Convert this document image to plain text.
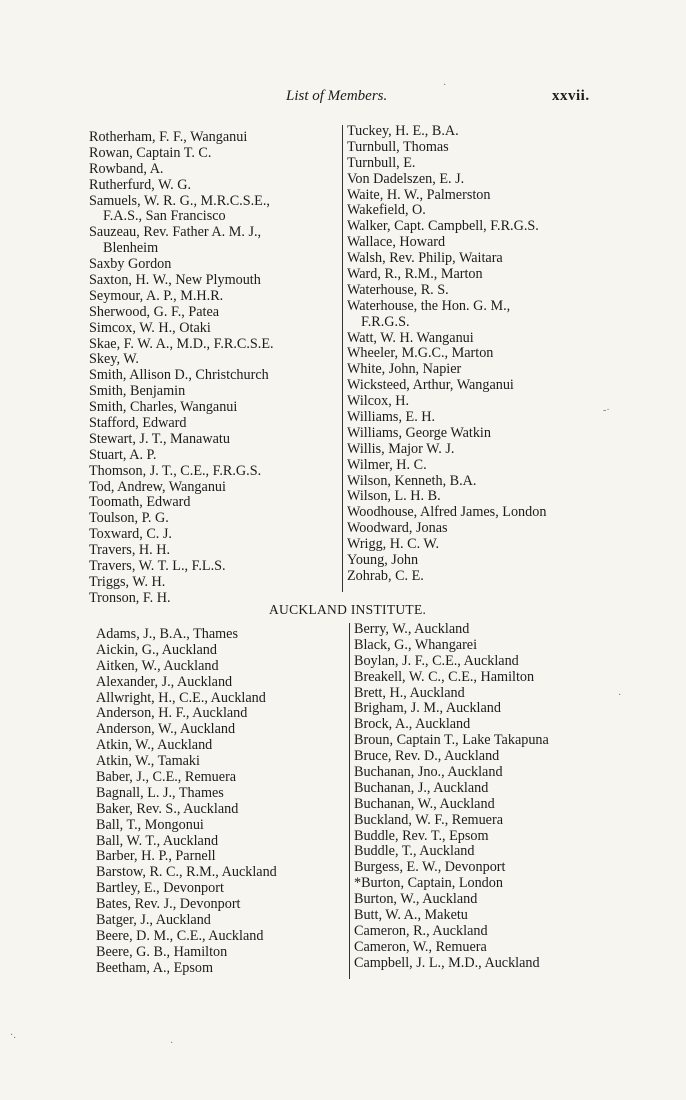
List of Members.	xxvii.
Rotherham, F. F., Wanganui
Rowan, Captain T. C.
Rowband, A.
Rutherfurd, W. G.
Samuels, W. R. G., M.R.C.S.E.,
F.A.S., San Francisco
Sauzeau, Rev. Father A. M. J.,
Blenheim
Saxby Gordon
Saxton, H. W., New Plymouth
Seymour, A. P., M.H.R.
Sherwood, G. F., Patea
Simcox, W. H., Otaki
Skae, F. W. A., M.D., F.R.C.S.E.
Skey, W.
Smith, Allison D., Christchurch
Smith, Benjamin
Smith, Charles, Wanganui
Stafford, Edward
Stewart, J. T., Manawatu
Stuart, A. P.
Thomson, J. T., C.E., F.R.G.S.
Tod, Andrew, Wanganui
Toomath, Edward
Toulson, P. G.
Toxward, C. J.
Travers, H. H.
Travers, W. T. L., F.L.S.
Triggs, W. H.
Tronson, F. H.
Tuckey, H. E., B.A.
Turnbull, Thomas
Turnbull, E.
Von Dadelszen, E. J.
Waite, H. W., Palmerston
Wakefield, O.
Walker, Capt. Campbell, F.R.G.S.
Wallace, Howard
Walsh, Rev. Philip, Waitara
Ward, R., R.M., Marton
Waterhouse, R. S.
Waterhouse, the Hon. G. M.,
F.R.G.S.
Watt, W. H. Wanganui
Wheeler, M.G.C., Marton
White, John, Napier
Wicksteed, Arthur, Wanganui
Wilcox, H.
Williams, E. H.
Williams, George Watkin
Willis, Major W. J.
Wilmer, H. C.
Wilson, Kenneth, B.A.
Wilson, L. H. B.
Woodhouse, Alfred James, London
Woodward, Jonas
Wrigg, H. C. W.
Young, John
Zohrab, C. E.
AUCKLAND INSTITUTE.
Adams, J., B.A., Thames
Aickin, G., Auckland
Aitken, W., Auckland
Alexander, J., Auckland
Allwright, H., C.E., Auckland
Anderson, H. F., Auckland
Anderson, W., Auckland
Atkin, W., Auckland
Atkin, W., Tamaki
Baber, J., C.E., Remuera
Bagnall, L. J., Thames
Baker, Rev. S., Auckland
Ball, T., Mongonui
Ball, W. T., Auckland
Barber, H. P., Parnell
Barstow, R. C., R.M., Auckland
Bartley, E., Devonport
Bates, Rev. J., Devonport
Batger, J., Auckland
Beere, D. M., C.E., Auckland
Beere, G. B., Hamilton
Beetham, A., Epsom
Berry, W., Auckland
Black, G., Whangarei
Boylan, J. F., C.E., Auckland
Breakell, W. C., C.E., Hamilton
Brett, H., Auckland
Brigham, J. M., Auckland
Brock, A., Auckland
Broun, Captain T., Lake Takapuna
Bruce, Rev. D., Auckland
Buchanan, Jno., Auckland
Buchanan, J., Auckland
Buchanan, W., Auckland
Buckland, W. F., Remuera
Buddle, Rev. T., Epsom
Buddle, T., Auckland
Burgess, E. W., Devonport
*Burton, Captain, London
Burton, W., Auckland
Butt, W. A., Maketu
Cameron, R., Auckland
Cameron, W., Remuera
Campbell, J. L., M.D., Auckland
·
-·
·
·
·.
